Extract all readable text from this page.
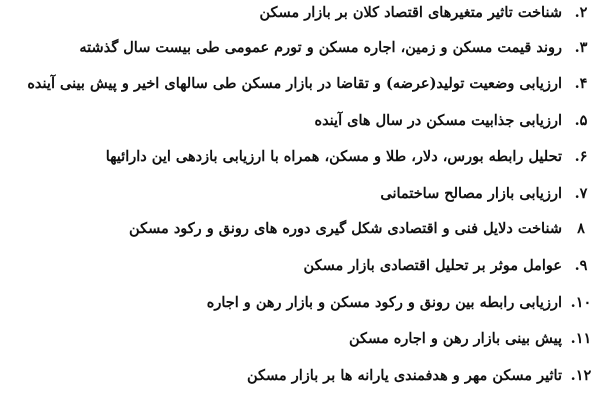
۲.
شناخت تاثیر متغیرهای اقتصاد کلان بر بازار مسکن
۳.
روند قیمت مسکن و زمین، اجاره مسکن و تورم عمومی طی بیست سال گذشته
۴.
ارزیابی وضعیت تولید(عرضه) و تقاضا در بازار مسکن طی سالهای اخیر و پیش بینی آینده
۵.
ارزیابی جذابیت مسکن در سال های آینده
۶.
تحلیل رابطه بورس، دلار، طلا و مسکن، همراه با ارزیابی بازدهی این دارائیها
۷.
ارزیابی بازار مصالح ساختمانی
۸
شناخت دلایل فنی و اقتصادی شکل گیری دوره های رونق و رکود مسکن
۹.
عوامل موثر بر تحلیل اقتصادی بازار مسکن
۱۰.
ارزیابی رابطه بین رونق و رکود مسکن و بازار رهن و اجاره
۱۱.
پیش بینی بازار رهن و اجاره مسکن
۱۲.
تاثیر مسکن مهر و هدفمندی یارانه ها بر بازار مسکن
